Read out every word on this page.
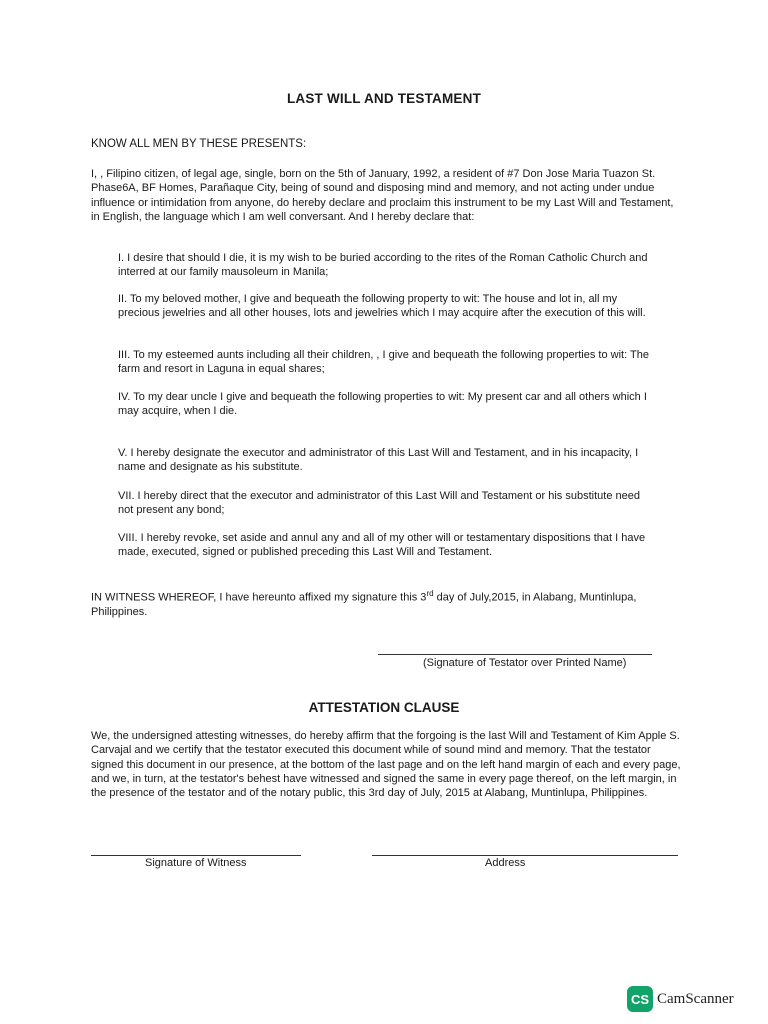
LAST WILL AND TESTAMENT
KNOW ALL MEN BY THESE PRESENTS:

I, , Filipino citizen, of legal age, single, born on the 5th of January, 1992, a resident of #7 Don Jose Maria Tuazon St. Phase6A, BF Homes, Parañaque City, being of sound and disposing mind and memory, and not acting under undue influence or intimidation from anyone, do hereby declare and proclaim this instrument to be my Last Will and Testament, in English, the language which I am well conversant. And I hereby declare that:

I. I desire that should I die, it is my wish to be buried according to the rites of the Roman Catholic Church and interred at our family mausoleum in Manila;

II. To my beloved mother, I give and bequeath the following property to wit: The house and lot in, all my precious jewelries and all other houses, lots and jewelries which I may acquire after the execution of this will.

III. To my esteemed aunts including all their children, , I give and bequeath the following properties to wit: The farm and resort in Laguna in equal shares;

IV. To my dear uncle I give and bequeath the following properties to wit: My present car and all others which I may acquire, when I die.

V. I hereby designate the executor and administrator of this Last Will and Testament, and in his incapacity, I name and designate as his substitute.

VII. I hereby direct that the executor and administrator of this Last Will and Testament or his substitute need not present any bond;

VIII. I hereby revoke, set aside and annul any and all of my other will or testamentary dispositions that I have made, executed, signed or published preceding this Last Will and Testament.

IN WITNESS WHEREOF, I have hereunto affixed my signature this 3rd day of July,2015, in Alabang, Muntinlupa, Philippines.

(Signature of Testator over Printed Name)
ATTESTATION CLAUSE

We, the undersigned attesting witnesses, do hereby affirm that the forgoing is the last Will and Testament of Kim Apple S. Carvajal and we certify that the testator executed this document while of sound mind and memory. That the testator signed this document in our presence, at the bottom of the last page and on the left hand margin of each and every page, and we, in turn, at the testator's behest have witnessed and signed the same in every page thereof, on the left margin, in the presence of the testator and of the notary public, this 3rd day of July, 2015 at Alabang, Muntinlupa, Philippines.

Signature of Witness	Address
CS CamScanner
